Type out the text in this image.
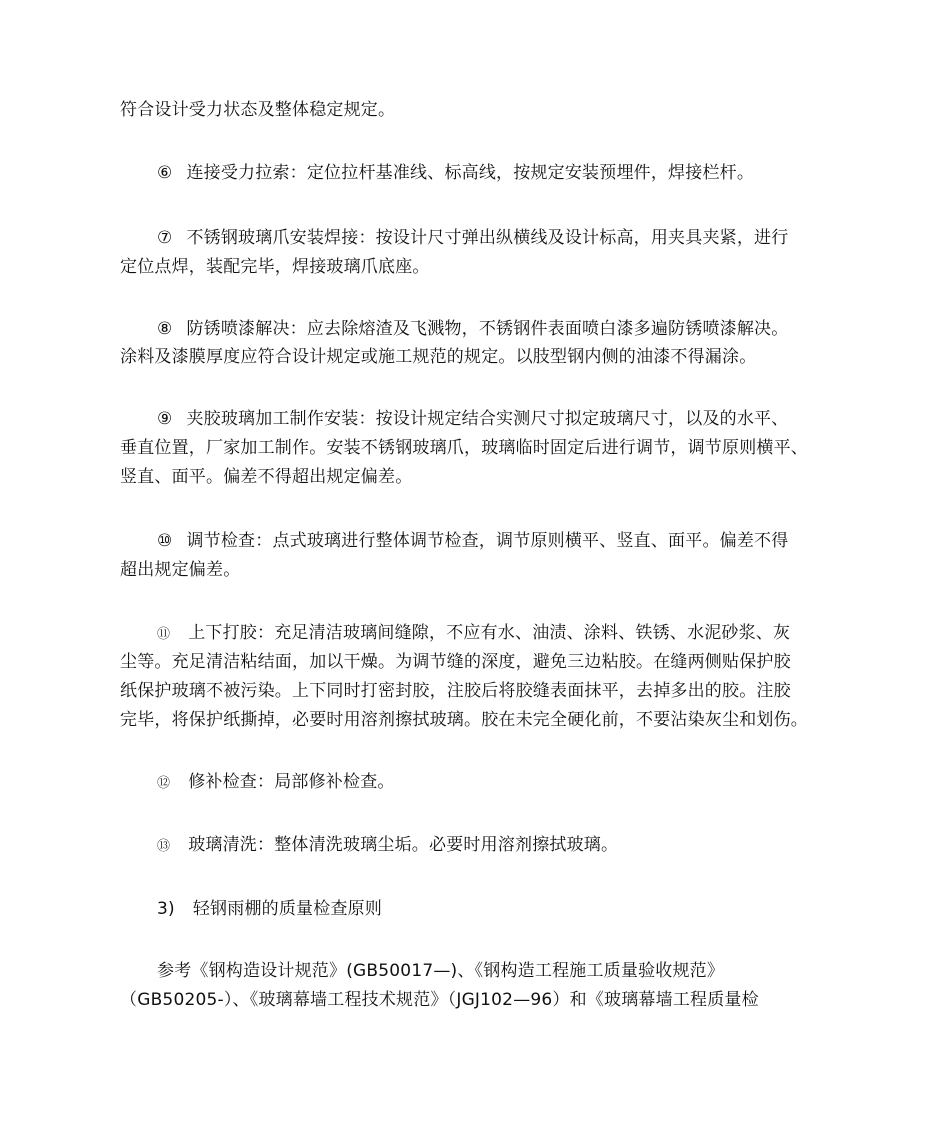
符合设计受力状态及整体稳定规定。
⑥ 连接受力拉索：定位拉杆基准线、标高线，按规定安装预埋件，焊接栏杆。
⑦ 不锈钢玻璃爪安装焊接：按设计尺寸弹出纵横线及设计标高，用夹具夹紧，进行
定位点焊，装配完毕，焊接玻璃爪底座。
⑧ 防锈喷漆解决：应去除熔渣及飞溅物，不锈钢件表面喷白漆多遍防锈喷漆解决。
涂料及漆膜厚度应符合设计规定或施工规范的规定。以肢型钢内侧的油漆不得漏涂。
⑨ 夹胶玻璃加工制作安装：按设计规定结合实测尺寸拟定玻璃尺寸，以及的水平、
垂直位置，厂家加工制作。安装不锈钢玻璃爪，玻璃临时固定后进行调节，调节原则横平、
竖直、面平。偏差不得超出规定偏差。
⑩ 调节检查：点式玻璃进行整体调节检查，调节原则横平、竖直、面平。偏差不得
超出规定偏差。
⑪ 上下打胶：充足清洁玻璃间缝隙，不应有水、油渍、涂料、铁锈、水泥砂浆、灰
尘等。充足清洁粘结面，加以干燥。为调节缝的深度，避免三边粘胶。在缝两侧贴保护胶
纸保护玻璃不被污染。上下同时打密封胶，注胶后将胶缝表面抹平，去掉多出的胶。注胶
完毕，将保护纸撕掉，必要时用溶剂擦拭玻璃。胶在未完全硬化前，不要沾染灰尘和划伤。
⑫ 修补检查：局部修补检查。
⑬ 玻璃清洗：整体清洗玻璃尘垢。必要时用溶剂擦拭玻璃。
3) 轻钢雨棚的质量检查原则
参考《钢构造设计规范》(GB50017—)、《钢构造工程施工质量验收规范》
（GB50205-）、《玻璃幕墙工程技术规范》（JGJ102—96）和《玻璃幕墙工程质量检
